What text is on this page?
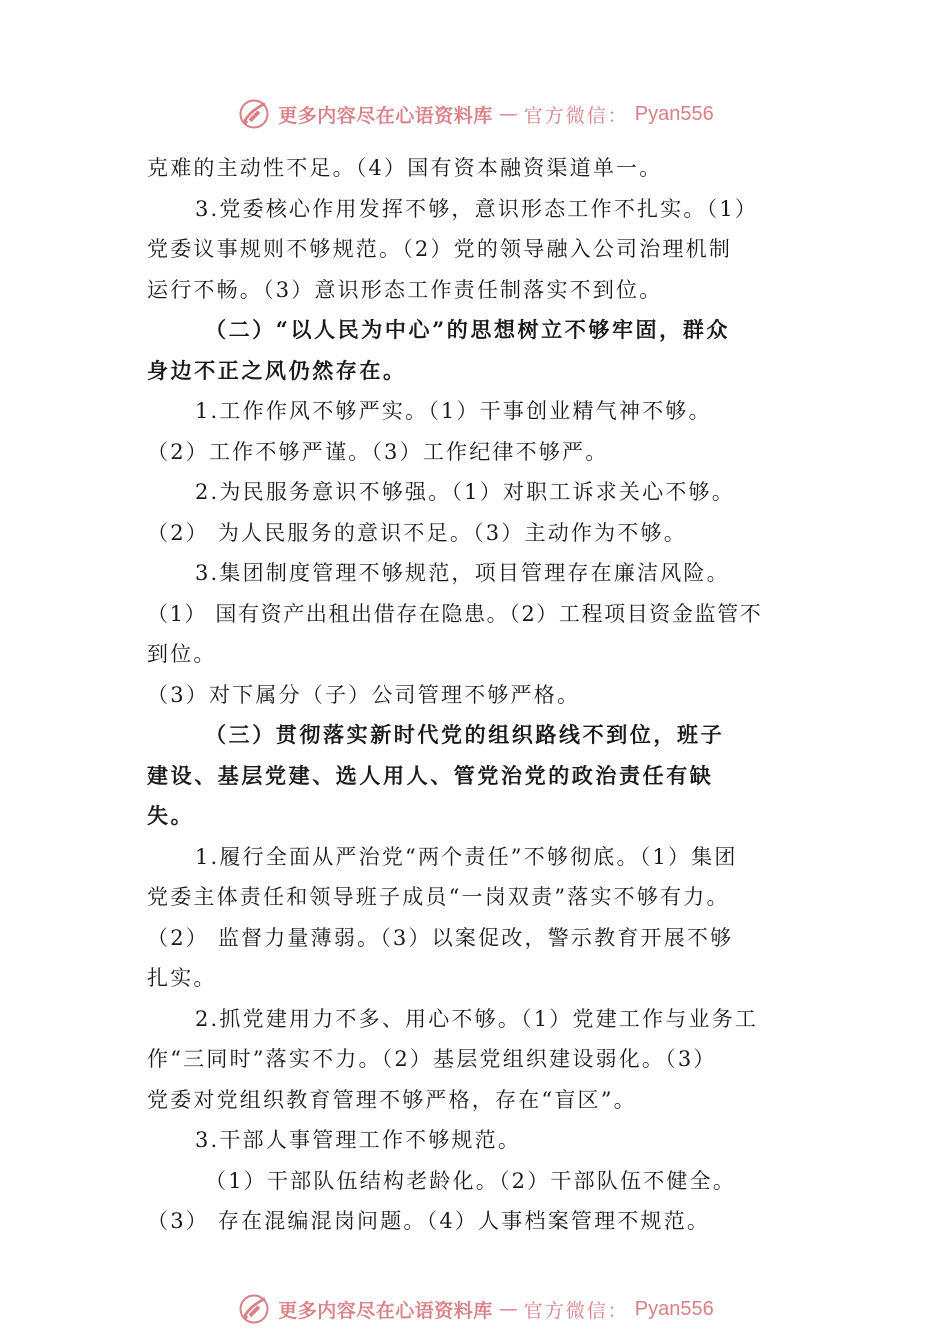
更多内容尽在心语资料库 — 官方微信： Pyan556
克难的主动性不足。（4）国有资本融资渠道单一。
3.党委核心作用发挥不够，意识形态工作不扎实。（1）
党委议事规则不够规范。（2）党的领导融入公司治理机制
运行不畅。（3）意识形态工作责任制落实不到位。
（二）“以人民为中心”的思想树立不够牢固，群众
身边不正之风仍然存在。
1.工作作风不够严实。（1）干事创业精气神不够。
（2）工作不够严谨。（3）工作纪律不够严。
2.为民服务意识不够强。（1）对职工诉求关心不够。
（2） 为人民服务的意识不足。（3）主动作为不够。
3.集团制度管理不够规范，项目管理存在廉洁风险。
（1） 国有资产出租出借存在隐患。（2）工程项目资金监管不
到位。
（3）对下属分（子）公司管理不够严格。
（三）贯彻落实新时代党的组织路线不到位，班子
建设、基层党建、选人用人、管党治党的政治责任有缺
失。
1.履行全面从严治党“两个责任”不够彻底。（1）集团
党委主体责任和领导班子成员“一岗双责”落实不够有力。
（2） 监督力量薄弱。（3）以案促改，警示教育开展不够
扎实。
2.抓党建用力不多、用心不够。（1）党建工作与业务工
作“三同时”落实不力。（2）基层党组织建设弱化。（3）
党委对党组织教育管理不够严格，存在“盲区”。
3.干部人事管理工作不够规范。
（1）干部队伍结构老龄化。（2）干部队伍不健全。
（3） 存在混编混岗问题。（4）人事档案管理不规范。
更多内容尽在心语资料库 — 官方微信： Pyan556
